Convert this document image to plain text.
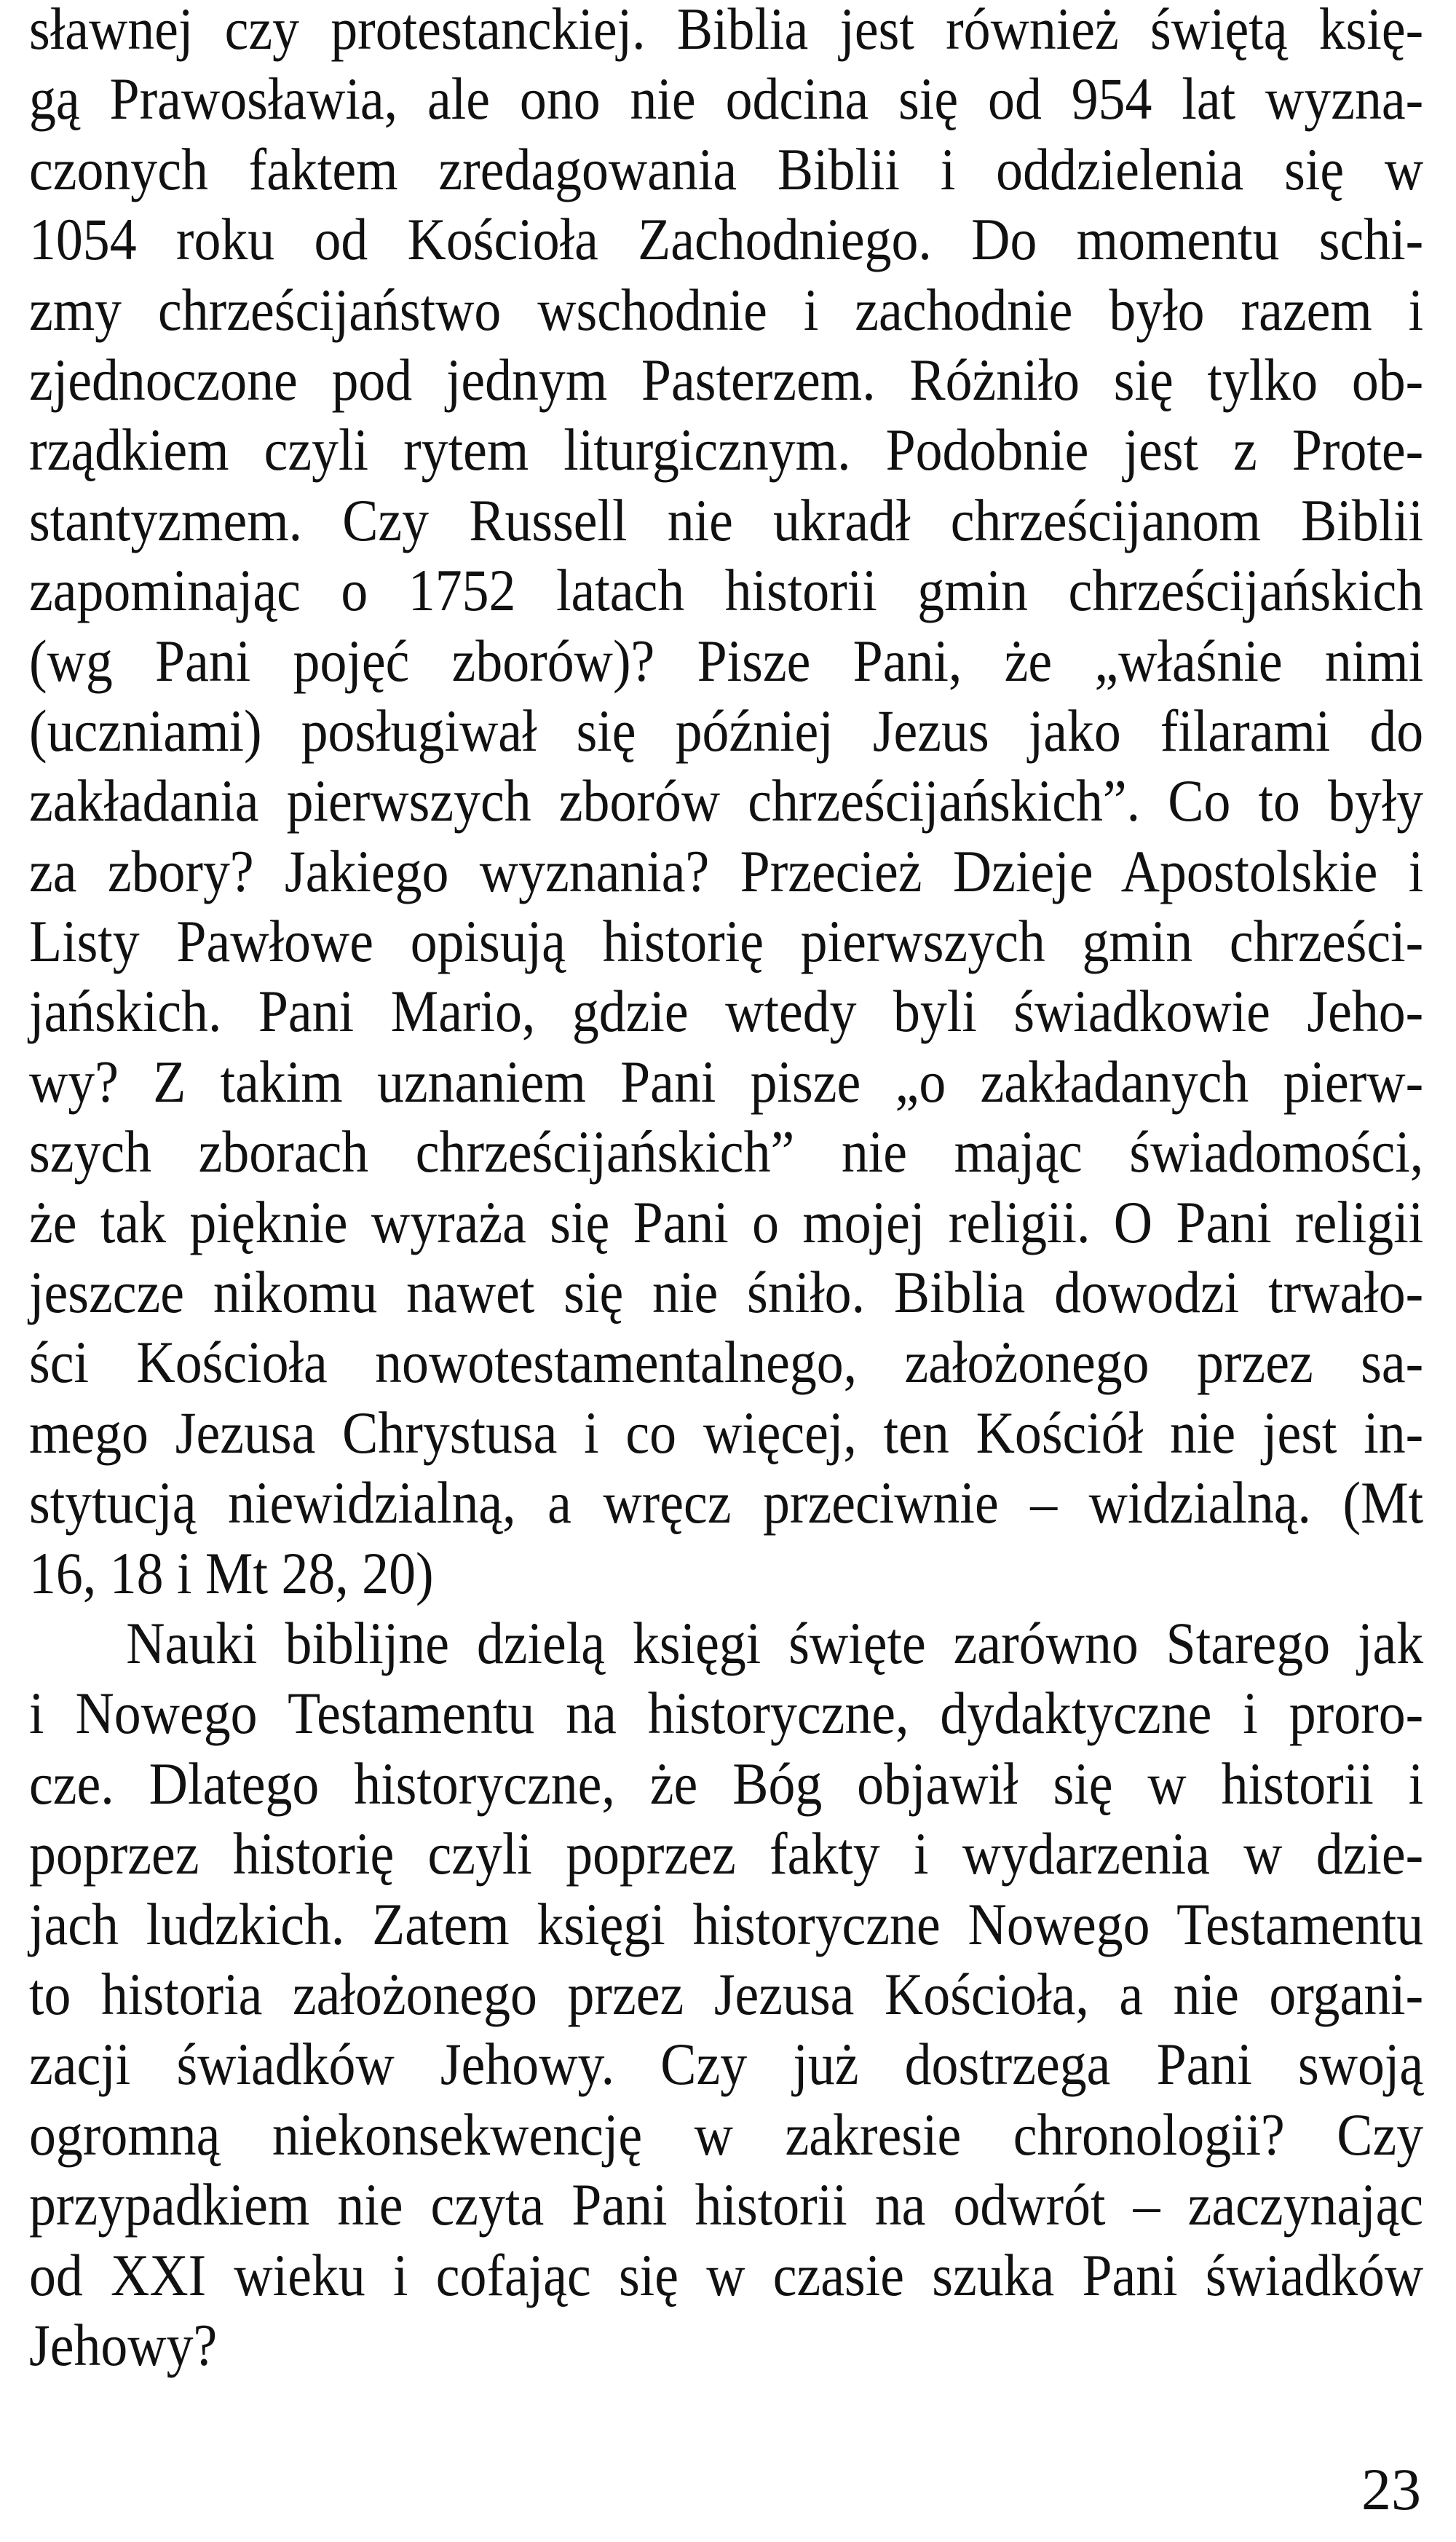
sławnej czy protestanckiej. Biblia jest również świętą księ-
gą Prawosławia, ale ono nie odcina się od 954 lat wyzna-
czonych faktem zredagowania Biblii i oddzielenia się w
1054 roku od Kościoła Zachodniego. Do momentu schi-
zmy chrześcijaństwo wschodnie i zachodnie było razem i
zjednoczone pod jednym Pasterzem. Różniło się tylko ob-
rządkiem czyli rytem liturgicznym. Podobnie jest z Prote-
stantyzmem. Czy Russell nie ukradł chrześcijanom Biblii
zapominając o 1752 latach historii gmin chrześcijańskich
(wg Pani pojęć zborów)? Pisze Pani, że „właśnie nimi
(uczniami) posługiwał się później Jezus jako filarami do
zakładania pierwszych zborów chrześcijańskich”. Co to były
za zbory? Jakiego wyznania? Przecież Dzieje Apostolskie i
Listy Pawłowe opisują historię pierwszych gmin chrześci-
jańskich. Pani Mario, gdzie wtedy byli świadkowie Jeho-
wy? Z takim uznaniem Pani pisze „o zakładanych pierw-
szych zborach chrześcijańskich” nie mając świadomości,
że tak pięknie wyraża się Pani o mojej religii. O Pani religii
jeszcze nikomu nawet się nie śniło. Biblia dowodzi trwało-
ści Kościoła nowotestamentalnego, założonego przez sa-
mego Jezusa Chrystusa i co więcej, ten Kościół nie jest in-
stytucją niewidzialną, a wręcz przeciwnie – widzialną. (Mt
16, 18 i Mt 28, 20)
Nauki biblijne dzielą księgi święte zarówno Starego jak
i Nowego Testamentu na historyczne, dydaktyczne i proro-
cze. Dlatego historyczne, że Bóg objawił się w historii i
poprzez historię czyli poprzez fakty i wydarzenia w dzie-
jach ludzkich. Zatem księgi historyczne Nowego Testamentu
to historia założonego przez Jezusa Kościoła, a nie organi-
zacji świadków Jehowy. Czy już dostrzega Pani swoją
ogromną niekonsekwencję w zakresie chronologii? Czy
przypadkiem nie czyta Pani historii na odwrót – zaczynając
od XXI wieku i cofając się w czasie szuka Pani świadków
Jehowy?
23
